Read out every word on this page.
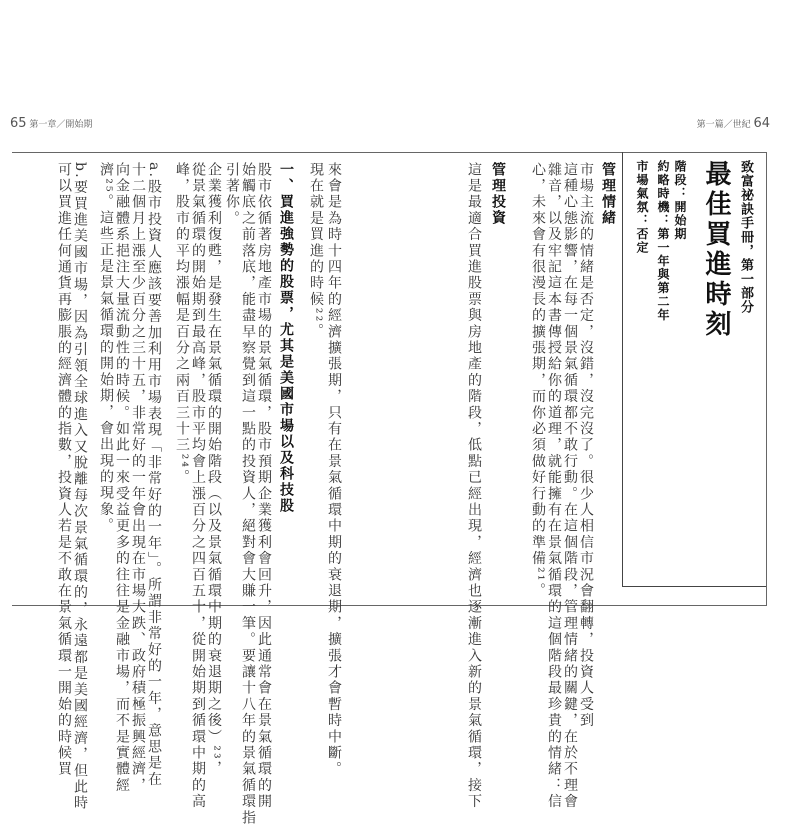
65 第一章／開始期	第一篇／世紀 64
致富祕訣手冊，第一部分
最佳買進時刻
階段：開始期
約略時機：第一年與第二年
市場氣氛：否定
管理情緒
市場主流的情緒是否定，沒錯，沒完沒了。很少人相信市況會翻轉，投資人受到
這種心態影響，在每一個景氣循環都不敢行動。在這個階段，管理情緒的關鍵，在於不理會
雜音，以及牢記這本書傳授給你的道理，就能擁有在景氣循環的這個階段最珍貴的情緒：信
心，未來會有很漫長的擴張期，而你必須做好行動的準備²¹。
管理投資
這是最適合買進股票與房地產的階段，低點已經出現，經濟也逐漸進入新的景氣循環，接下
來會是為時十四年的經濟擴張期，只有在景氣循環中期的衰退期，擴張才會暫時中斷。
現在就是買進的時候²²。
一、買進強勢的股票，尤其是美國市場以及科技股
股市依循著房地產市場的景氣循環，股市預期企業獲利會回升，因此通常會在景氣循環的開
始觸底之前落底，能盡早察覺到這一點的投資人，絕對會大賺一筆。要讓十八年的景氣循環指
引著你。
企業獲利復甦，是發生在景氣循環的開始階段（以及景氣循環中期的衰退期之後）²³，
從景氣循環的開始期到最高峰，股市平均會上漲百分之四百五十，從開始期到循環中期的高
峰，股市的平均漲幅是百分之兩百三十三²⁴。
a.股市投資人應該要善加利用市場表現「非常好的一年」。所謂非常好的一年，意思是在
十二個月上漲至少百分之三十五，非常好的一年會出現在市場大跌、政府積極振興經濟，
向金融體系挹注大量流動性的時候。如此一來受益更多的往往是金融市場，而不是實體經
濟²⁵。這些正是景氣循環的開始期，會出現的現象。
b.要買進美國市場，因為引領全球進入又脫離每次景氣循環的，永遠都是美國經濟，但此時
可以買進任何通貨再膨脹的經濟體的指數，投資人若是不敢在景氣循環一開始的時候買
